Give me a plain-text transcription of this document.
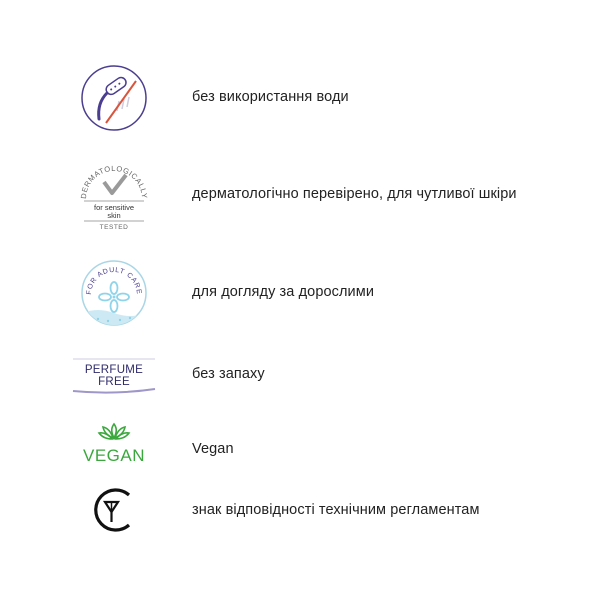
без використання води
DERMATOLOGICALLY
for sensitive
skin
TESTED
дерматологічно перевірено, для чутливої шкіри
FOR ADULT CARE	для догляду за дорослими
PERFUME
FREE	без запаху
VEGAN	Vegan
знак відповідності технічним регламентам
